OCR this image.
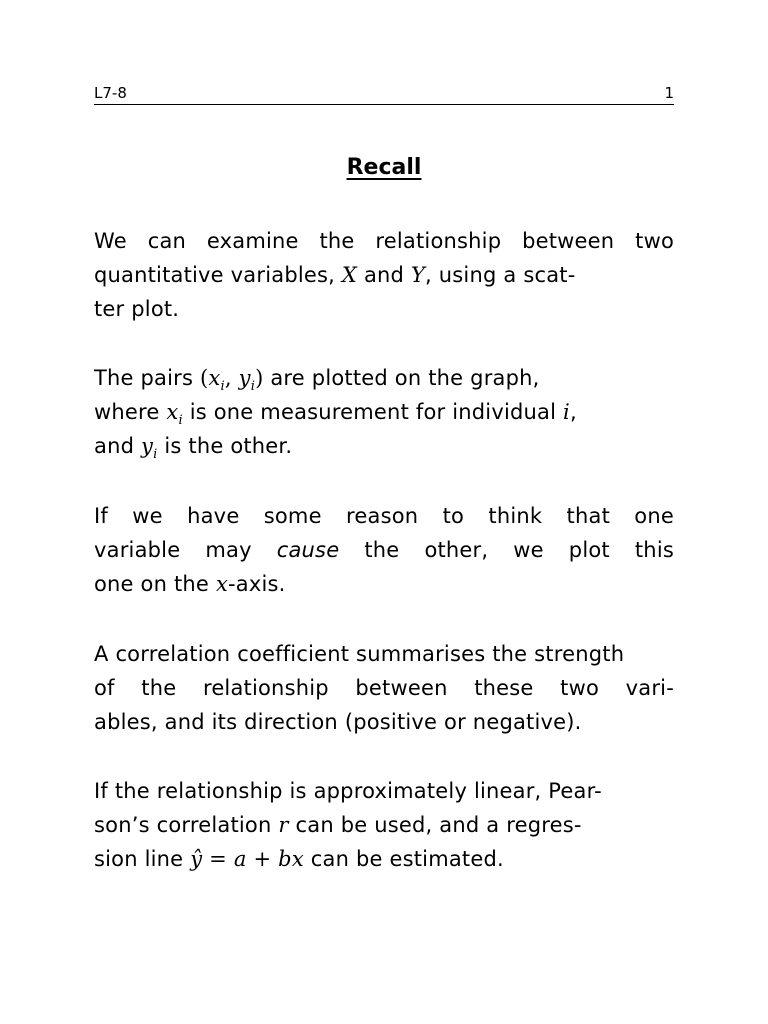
L7-8	1
Recall
We can examine the relationship between two
quantitative variables, X and Y, using a scat-
ter plot.
The pairs ($x_i$, $y_i$) are plotted on the graph,
where $x_i$ is one measurement for individual i,
and $y_i$ is the other.
If we have some reason to think that one
variable may cause the other, we plot this
one on the x-axis.
A correlation coefficient summarises the strength
of the relationship between these two vari-
ables, and its direction (positive or negative).
If the relationship is approximately linear, Pear-
son’s correlation r can be used, and a regres-
sion line ŷ = a + bx can be estimated.
